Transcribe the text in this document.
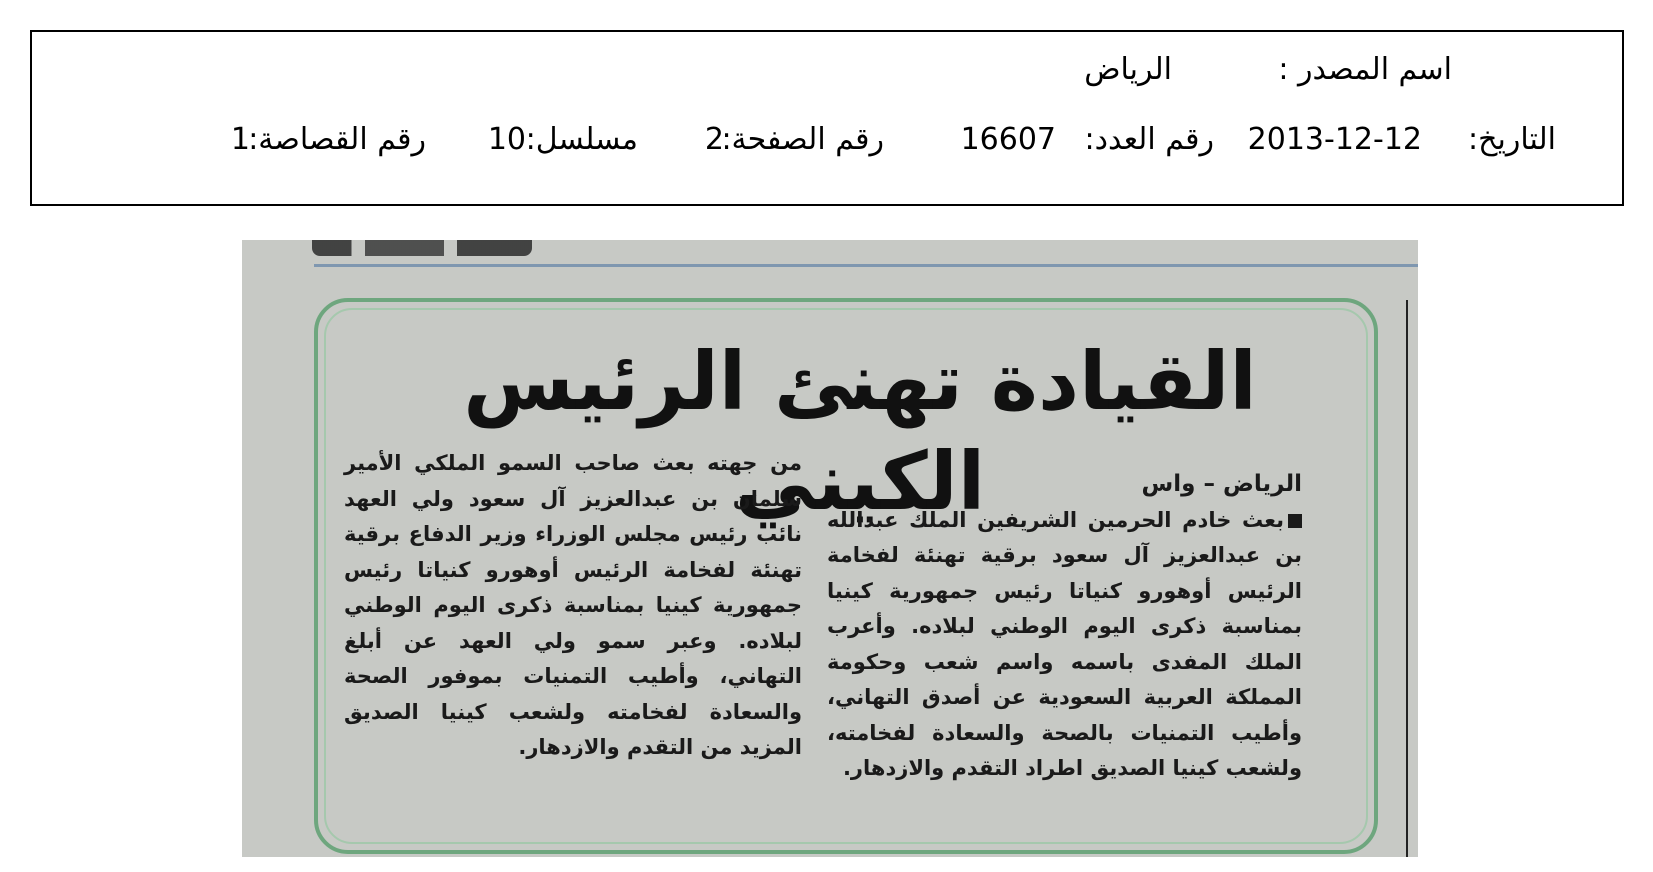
اسم المصدر :
الرياض
التاريخ:
2013-12-12
رقم العدد:
16607
رقم الصفحة:
2
مسلسل:
10
رقم القصاصة:
1
القيادة تهنئ الرئيس الكيني	الرياض – واس

بعث خادم الحرمين الشريفين الملك عبدالله بن عبدالعزيز آل سعود برقية تهنئة لفخامة الرئيس أوهورو كنياتا رئيس جمهورية كينيا بمناسبة ذكرى اليوم الوطني لبلاده. وأعرب الملك المفدى باسمه واسم شعب وحكومة المملكة العربية السعودية عن أصدق التهاني، وأطيب التمنيات بالصحة والسعادة لفخامته، ولشعب كينيا الصديق اطراد التقدم والازدهار.

من جهته بعث صاحب السمو الملكي الأمير سلمان بن عبدالعزيز آل سعود ولي العهد نائب رئيس مجلس الوزراء وزير الدفاع برقية تهنئة لفخامة الرئيس أوهورو كنياتا رئيس جمهورية كينيا بمناسبة ذكرى اليوم الوطني لبلاده. وعبر سمو ولي العهد عن أبلغ التهاني، وأطيب التمنيات بموفور الصحة والسعادة لفخامته ولشعب كينيا الصديق المزيد من التقدم والازدهار.
